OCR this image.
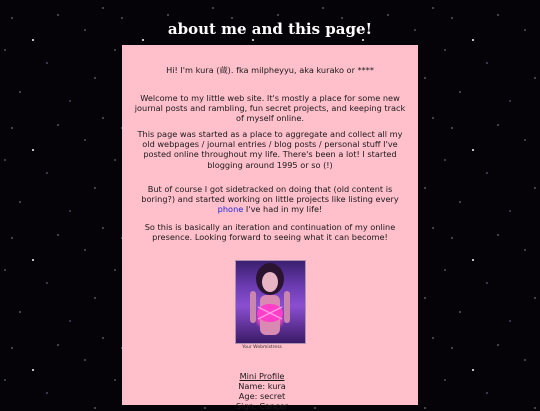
about me and this page!

Hi! I'm kura (蔵). fka milpheyyu, aka kurako or ****

Welcome to my little web site. It's mostly a place for some new journal posts and rambling, fun secret projects, and keeping track of myself online.

This page was started as a place to aggregate and collect all my old webpages / journal entries / blog posts / personal stuff I've posted online throughout my life. There's been a lot! I started blogging around 1995 or so (!)

But of course I got sidetracked on doing that (old content is boring?) and started working on little projects like listing every phone I've had in my life!

So this is basically an iteration and continuation of my online presence. Looking forward to seeing what it can become!

Your Webmistress
Mini Profile
Name: kura
Age: secret
Sign: Cancer
